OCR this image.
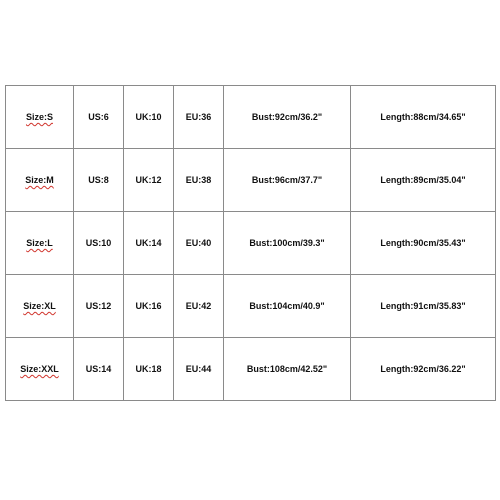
Size:S	US:6	UK:10	EU:36	Bust:92cm/36.2"	Length:88cm/34.65"
Size:M	US:8	UK:12	EU:38	Bust:96cm/37.7"	Length:89cm/35.04"
Size:L	US:10	UK:14	EU:40	Bust:100cm/39.3"	Length:90cm/35.43"
Size:XL	US:12	UK:16	EU:42	Bust:104cm/40.9"	Length:91cm/35.83"
Size:XXL	US:14	UK:18	EU:44	Bust:108cm/42.52"	Length:92cm/36.22"
